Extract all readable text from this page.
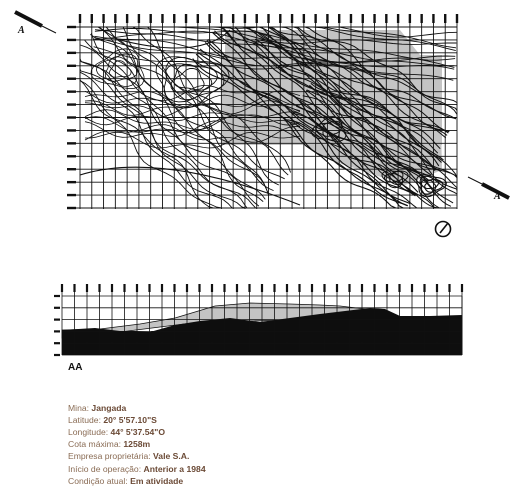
A
A
AA
Mina: Jangada
Latitude: 20° 5'57.10"S
Longitude: 44° 5'37.54"O
Cota máxima: 1258m
Empresa proprietária: Vale S.A.
Início de operação: Anterior a 1984
Condição atual: Em atividade
